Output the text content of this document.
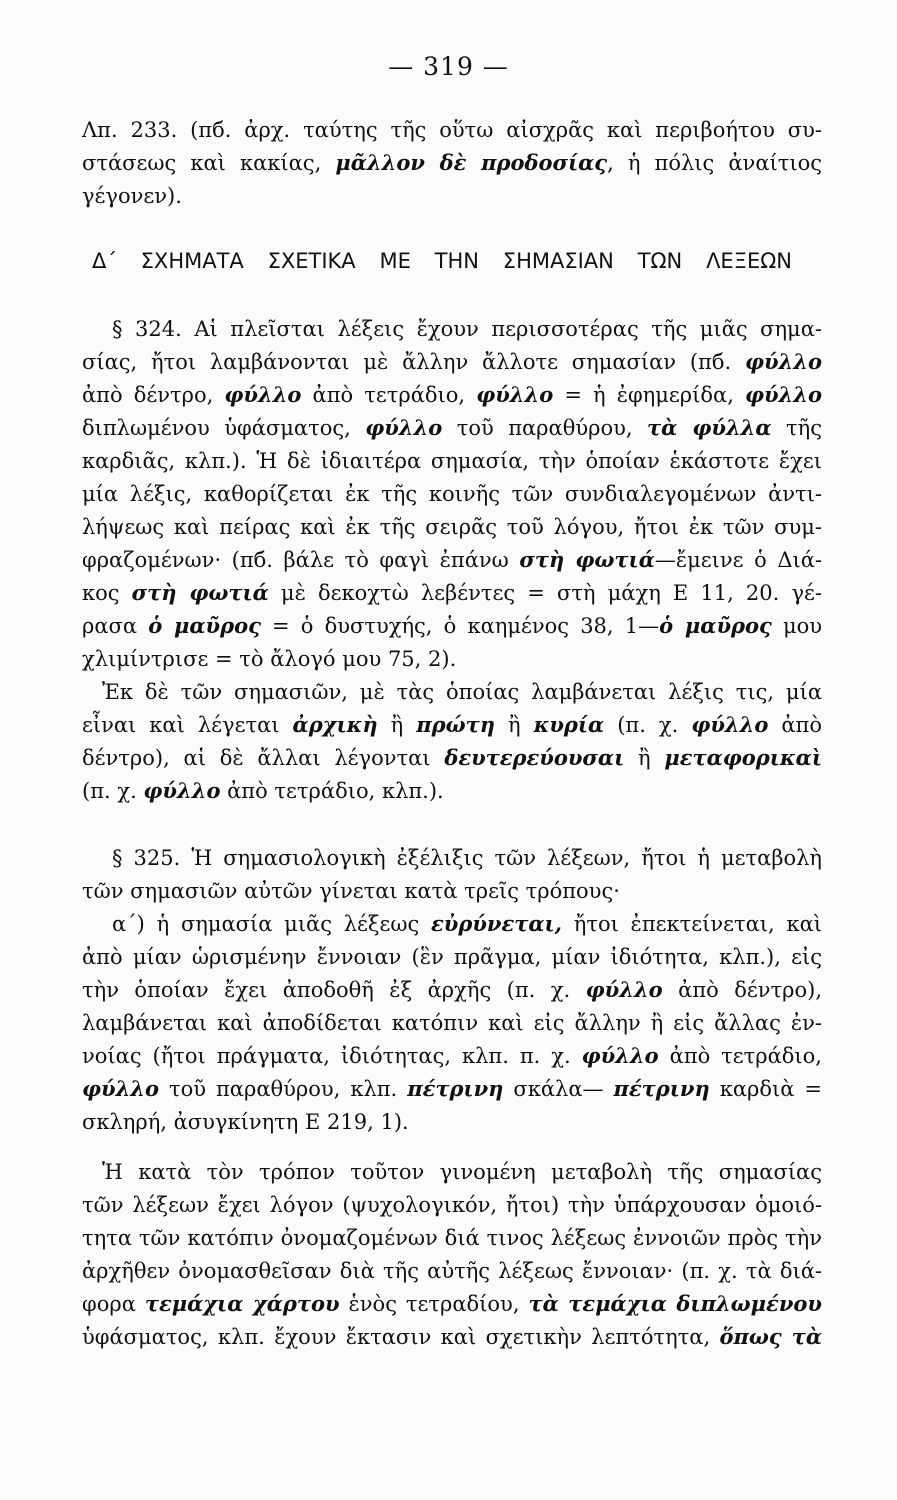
— 319 —
Δ΄ ΣΧΗΜΑΤΑ ΣΧΕΤΙΚΑ ΜΕ ΤΗΝ ΣΗΜΑΣΙΑΝ ΤΩΝ ΛΕΞΕΩΝ
Λπ. 233. (πб. ἀρχ. ταύτης τῆς οὕτω αἰσχρᾶς καὶ περιβοήτου συ-
στάσεως καὶ κακίας, μᾶλλον δὲ προδοσίας, ἡ πόλις ἀναίτιος
γέγονεν).
§ 324. Αἱ πλεῖσται λέξεις ἔχουν περισσοτέρας τῆς μιᾶς σημα-
σίας, ἤτοι λαμβάνονται μὲ ἄλλην ἄλλοτε σημασίαν (πб. φύλλο
ἀπὸ δέντρο, φύλλο ἀπὸ τετράδιο, φύλλο = ἡ ἐφημερίδα, φύλλο
διπλωμένου ὑφάσματος, φύλλο τοῦ παραθύρου, τὰ φύλλα τῆς
καρδιᾶς, κλπ.). Ἡ δὲ ἰδιαιτέρα σημασία, τὴν ὁποίαν ἑκάστοτε ἔχει
μία λέξις, καθορίζεται ἐκ τῆς κοινῆς τῶν συνδιαλεγομένων ἀντι-
λήψεως καὶ πείρας καὶ ἐκ τῆς σειρᾶς τοῦ λόγου, ἤτοι ἐκ τῶν συμ-
φραζομένων· (πб. βάλε τὸ φαγὶ ἐπάνω στὴ φωτιά—ἔμεινε ὁ Διά-
κος στὴ φωτιά μὲ δεκοχτὼ λεβέντες = στὴ μάχη Ε 11, 20. γέ-
ρασα ὁ μαῦρος = ὁ δυστυχής, ὁ καημένος 38, 1—ὁ μαῦρος μου
χλιμίντρισε = τὸ ἄλογό μου 75, 2).
Ἐκ δὲ τῶν σημασιῶν, μὲ τὰς ὁποίας λαμβάνεται λέξις τις, μία
εἶναι καὶ λέγεται ἀρχικὴ ἢ πρώτη ἢ κυρία (π. χ. φύλλο ἀπὸ
δέντρο), αἱ δὲ ἄλλαι λέγονται δευτερεύουσαι ἢ μεταφορικαὶ
(π. χ. φύλλο ἀπὸ τετράδιο, κλπ.).
§ 325. Ἡ σημασιολογικὴ ἐξέλιξις τῶν λέξεων, ἤτοι ἡ μεταβολὴ
τῶν σημασιῶν αὐτῶν γίνεται κατὰ τρεῖς τρόπους·
α΄) ἡ σημασία μιᾶς λέξεως εὐρύνεται, ἤτοι ἐπεκτείνεται, καὶ
ἀπὸ μίαν ὡρισμένην ἔννοιαν (ἓν πρᾶγμα, μίαν ἰδιότητα, κλπ.), εἰς
τὴν ὁποίαν ἔχει ἀποδοθῆ ἐξ ἀρχῆς (π. χ. φύλλο ἀπὸ δέντρο),
λαμβάνεται καὶ ἀποδίδεται κατόπιν καὶ εἰς ἄλλην ἢ εἰς ἄλλας ἐν-
νοίας (ἤτοι πράγματα, ἰδιότητας, κλπ. π. χ. φύλλο ἀπὸ τετράδιο,
φύλλο τοῦ παραθύρου, κλπ. πέτρινη σκάλα— πέτρινη καρδιὰ =
σκληρή, ἀσυγκίνητη Ε 219, 1).
Ἡ κατὰ τὸν τρόπον τοῦτον γινομένη μεταβολὴ τῆς σημασίας
τῶν λέξεων ἔχει λόγον (ψυχολογικόν, ἤτοι) τὴν ὑπάρχουσαν ὁμοιό-
τητα τῶν κατόπιν ὀνομαζομένων διά τινος λέξεως ἐννοιῶν πρὸς τὴν
ἀρχῆθεν ὀνομασθεῖσαν διὰ τῆς αὐτῆς λέξεως ἔννοιαν· (π. χ. τὰ διά-
φορα τεμάχια χάρτου ἑνὸς τετραδίου, τὰ τεμάχια διπλωμένου
ὑφάσματος, κλπ. ἔχουν ἔκτασιν καὶ σχετικὴν λεπτότητα, ὅπως τὰ
